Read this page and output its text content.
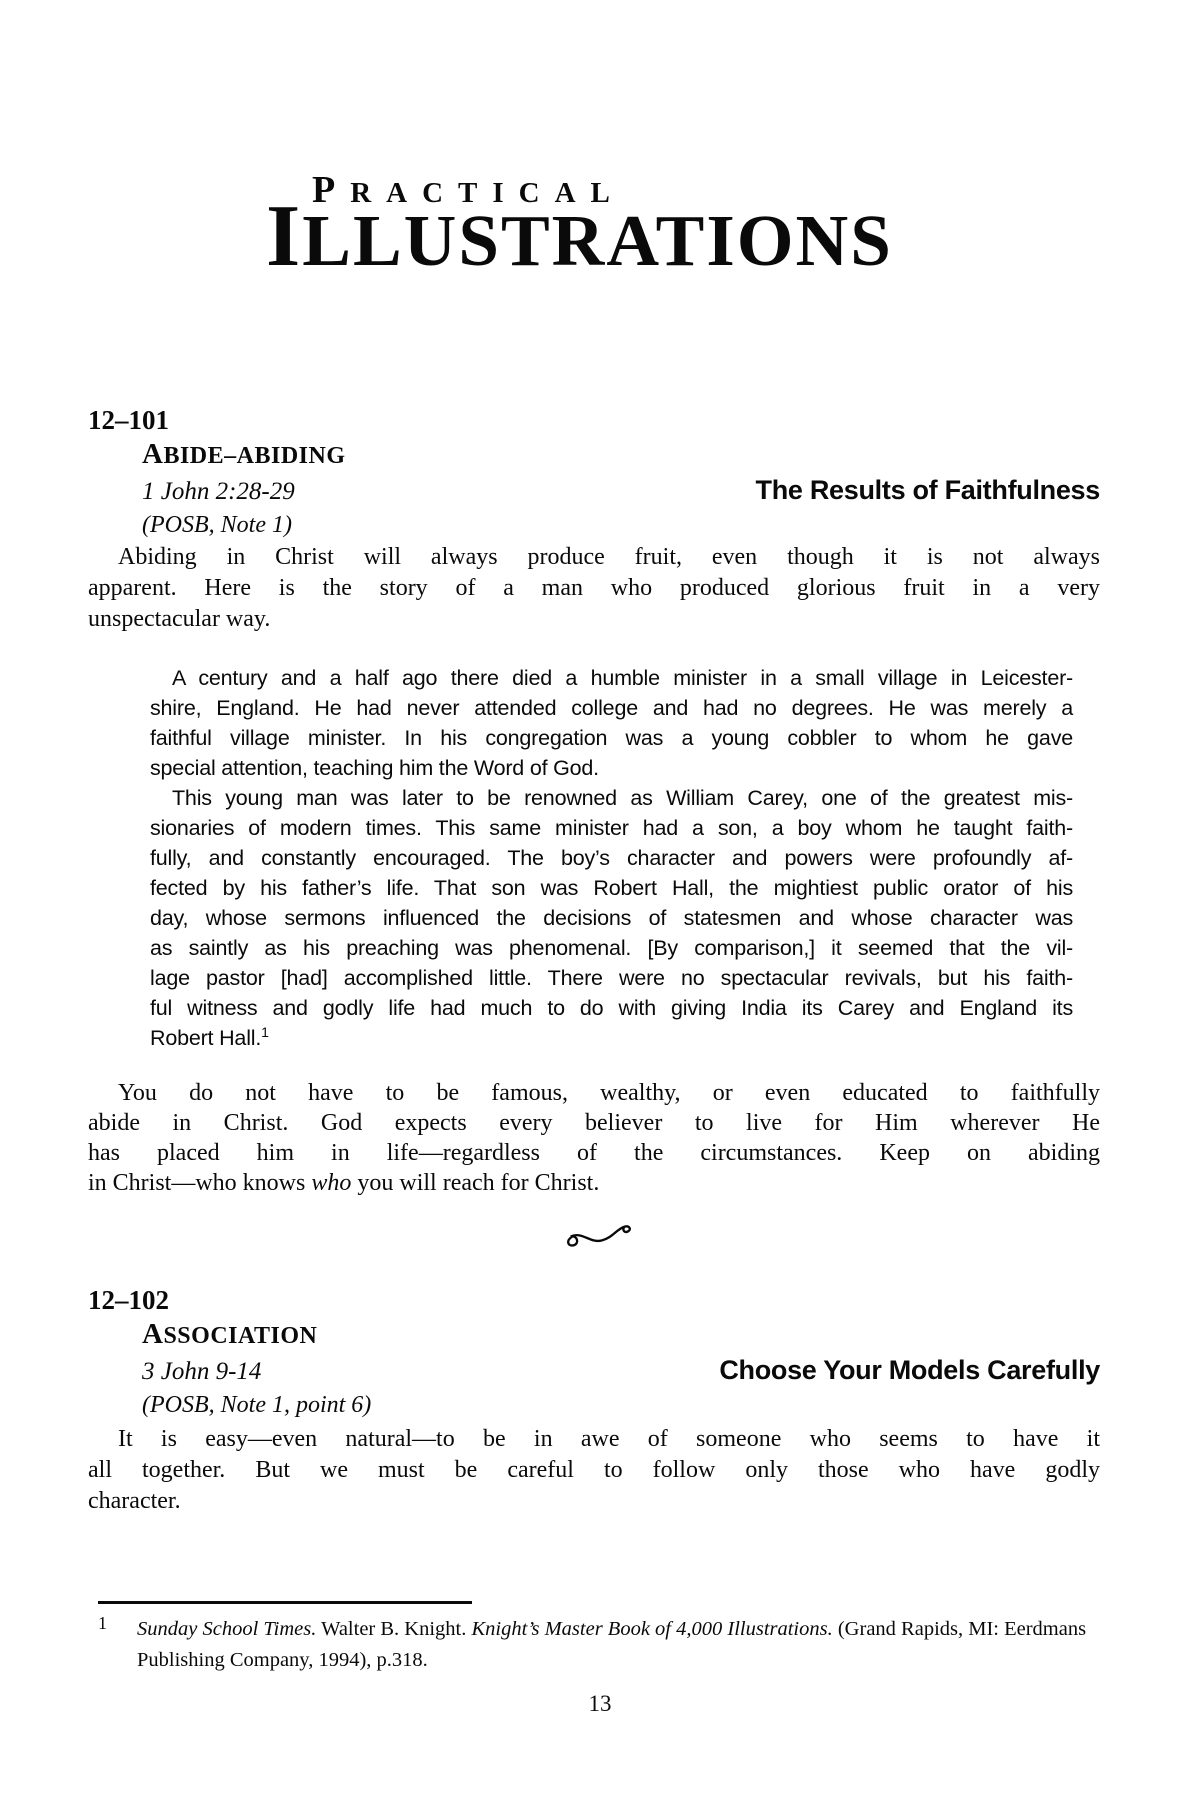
PRACTICAL
ILLUSTRATIONS
12–101
ABIDE–ABIDING
1 John 2:28-29	The Results of Faithfulness
(POSB, Note 1)
Abiding in Christ will always produce fruit, even though it is not always
apparent. Here is the story of a man who produced glorious fruit in a very
unspectacular way.
A century and a half ago there died a humble minister in a small village in Leicester-
shire, England. He had never attended college and had no degrees. He was merely a
faithful village minister. In his congregation was a young cobbler to whom he gave
special attention, teaching him the Word of God.
This young man was later to be renowned as William Carey, one of the greatest mis-
sionaries of modern times. This same minister had a son, a boy whom he taught faith-
fully, and constantly encouraged. The boy’s character and powers were profoundly af-
fected by his father’s life. That son was Robert Hall, the mightiest public orator of his
day, whose sermons influenced the decisions of statesmen and whose character was
as saintly as his preaching was phenomenal. [By comparison,] it seemed that the vil-
lage pastor [had] accomplished little. There were no spectacular revivals, but his faith-
ful witness and godly life had much to do with giving India its Carey and England its
Robert Hall.$^1$
You do not have to be famous, wealthy, or even educated to faithfully
abide in Christ. God expects every believer to live for Him wherever He
has placed him in life—regardless of the circumstances. Keep on abiding
in Christ—who knows who you will reach for Christ.
12–102
ASSOCIATION
3 John 9-14	Choose Your Models Carefully
(POSB, Note 1, point 6)
It is easy—even natural—to be in awe of someone who seems to have it
all together. But we must be careful to follow only those who have godly
character.
1 Sunday School Times. Walter B. Knight. Knight’s Master Book of 4,000 Illustrations. (Grand Rapids, MI: Eerdmans
Publishing Company, 1994), p.318.
13
